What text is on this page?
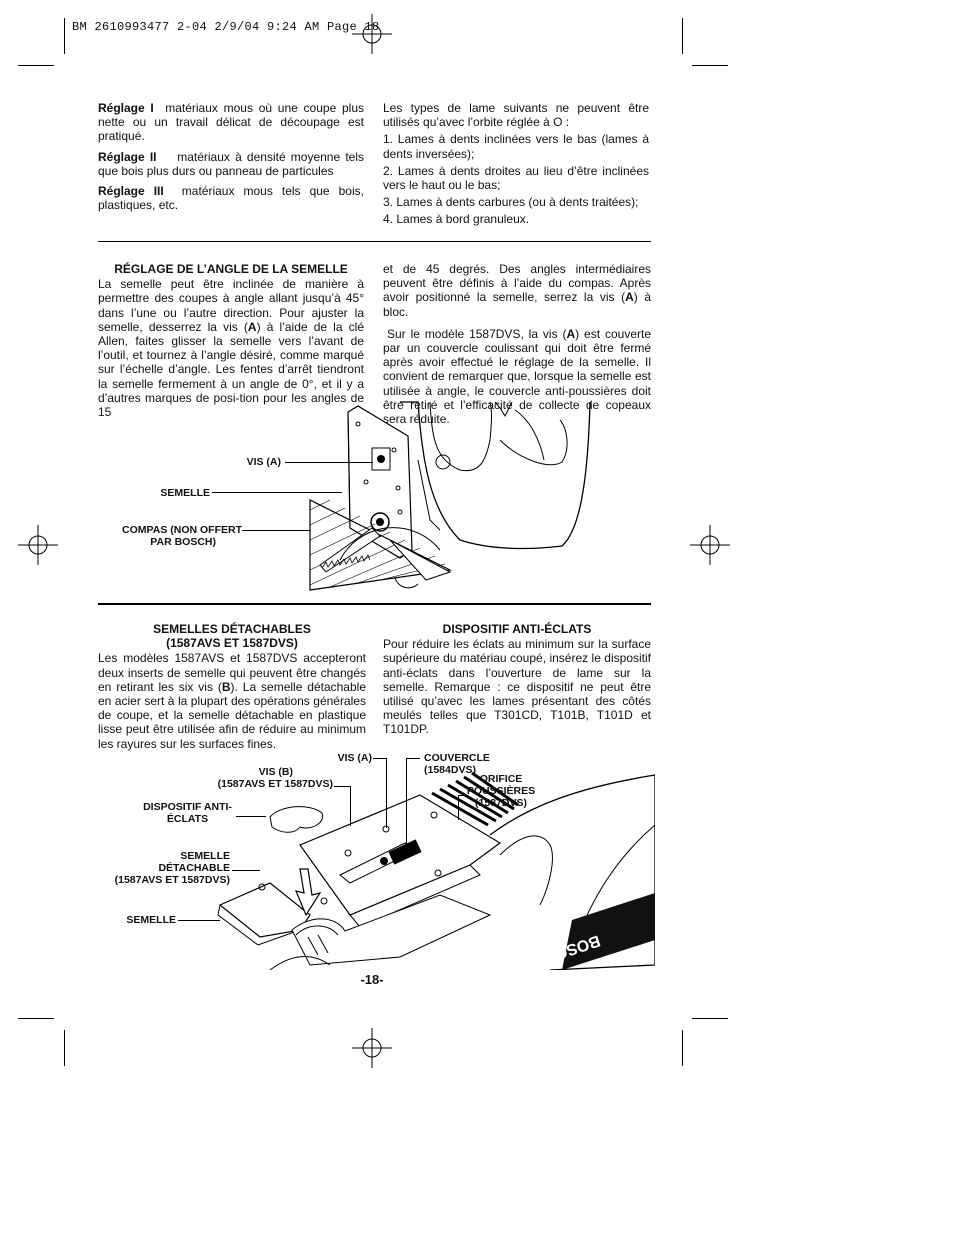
BM 2610993477 2-04 2/9/04 9:24 AM Page 18

Réglage I matériaux mous où une coupe plus nette ou un travail délicat de découpage est pratiqué.

Réglage II matériaux à densité moyenne tels que bois plus durs ou panneau de particules

Réglage III matériaux mous tels que bois, plastiques, etc.

Les types de lame suivants ne peuvent être utilisés qu’avec l’orbite réglée à O :

1. Lames à dents inclinées vers le bas (lames à dents inversées);

2. Lames à dents droites au lieu d’être inclinées vers le haut ou le bas;

3. Lames à dents carbures (ou à dents traitées);

4. Lames à bord granuleux.

RÉGLAGE DE L’ANGLE DE LA SEMELLE
La semelle peut être inclinée de manière à permettre des coupes à angle allant jusqu’à 45° dans l’une ou l’autre direction. Pour ajuster la semelle, desserrez la vis (A) à l’aide de la clé Allen, faites glisser la semelle vers l’avant de l’outil, et tournez à l’angle désiré, comme marqué sur l’échelle d’angle. Les fentes d’arrêt tiendront la semelle fermement à un angle de 0°, et il y a d’autres marques de posi-tion pour les angles de 15

et de 45 degrés. Des angles intermédiaires peuvent être définis à l’aide du compas. Après avoir positionné la semelle, serrez la vis (A) à bloc.

Sur le modèle 1587DVS, la vis (A) est couverte par un couvercle coulissant qui doit être fermé après avoir effectué le réglage de la semelle. Il convient de remarquer que, lorsque la semelle est utilisée à angle, le couvercle anti-poussières doit être retiré et l’efficacité de collecte de copeaux sera réduite.

VIS (A)
SEMELLE
COMPAS (NON OFFERT
PAR BOSCH)
SEMELLES DÉTACHABLES
(1587AVS ET 1587DVS)
Les modèles 1587AVS et 1587DVS accepteront deux inserts de semelle qui peuvent être changés en retirant les six vis (B). La semelle détachable en acier sert à la plupart des opérations générales de coupe, et la semelle détachable en plastique lisse peut être utilisée afin de réduire au minimum les rayures sur les surfaces fines.
DISPOSITIF ANTI-ÉCLATS
Pour réduire les éclats au minimum sur la surface supérieure du matériau coupé, insérez le dispositif anti-éclats dans l’ouverture de lame sur la semelle. Remarque : ce dispositif ne peut être utilisé qu’avec les lames présentant des côtés meulés telles que T301CD, T101B, T101D et T101DP.
BOSCH
VIS (A)	COUVERCLE (1584DVS)
VIS (B)
(1587AVS ET 1587DVS)	ORIFICE
POUSSIÈRES
(1587DVS)
DISPOSITIF ANTI-
ÉCLATS
SEMELLE DÉTACHABLE
(1587AVS ET 1587DVS)
SEMELLE
-18-
